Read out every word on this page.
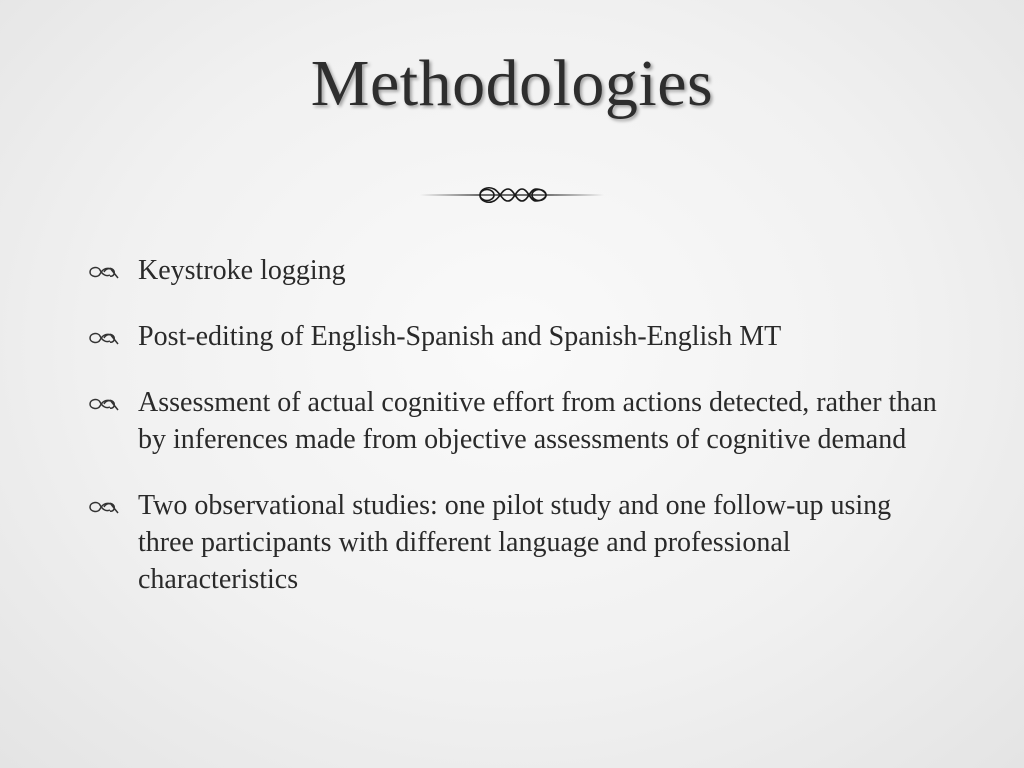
Methodologies
Keystroke logging
Post-editing of English-Spanish and Spanish-English MT
Assessment of actual cognitive effort from actions detected, rather than by inferences made from objective assessments of cognitive demand
Two observational studies: one pilot study and one follow-up using three participants with different language and professional characteristics
